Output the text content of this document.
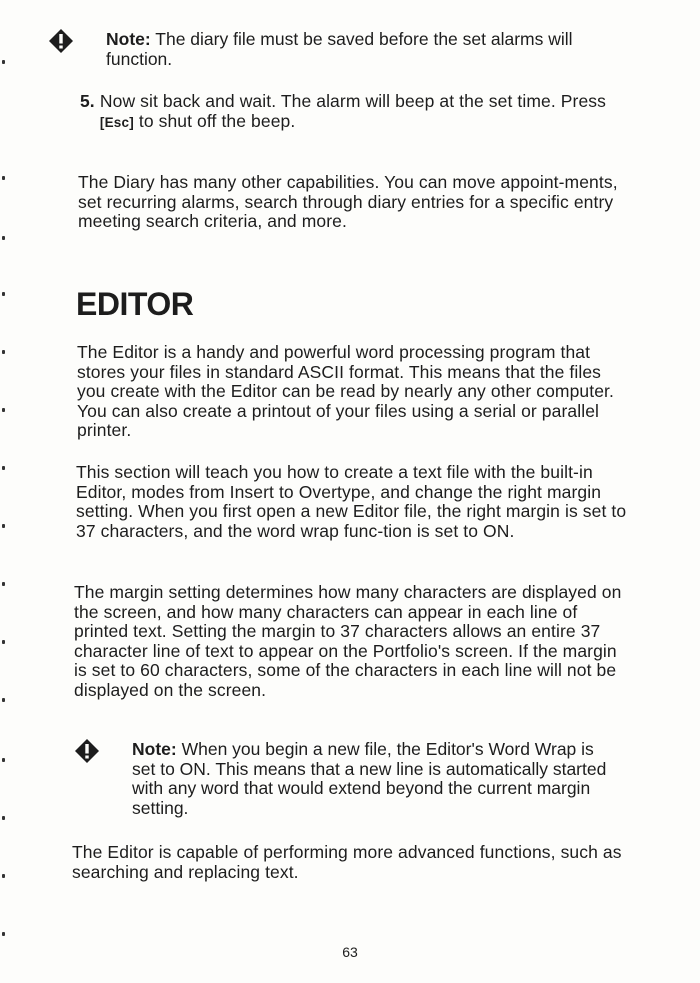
Note: The diary file must be saved before the set alarms will function.

5. Now sit back and wait. The alarm will beep at the set time. Press [Esc] to shut off the beep.

The Diary has many other capabilities. You can move appoint-ments, set recurring alarms, search through diary entries for a specific entry meeting search criteria, and more.

EDITOR

The Editor is a handy and powerful word processing program that stores your files in standard ASCII format. This means that the files you create with the Editor can be read by nearly any other computer. You can also create a printout of your files using a serial or parallel printer.

This section will teach you how to create a text file with the built-in Editor, modes from Insert to Overtype, and change the right margin setting. When you first open a new Editor file, the right margin is set to 37 characters, and the word wrap func-tion is set to ON.

The margin setting determines how many characters are displayed on the screen, and how many characters can appear in each line of printed text. Setting the margin to 37 characters allows an entire 37 character line of text to appear on the Portfolio's screen. If the margin is set to 60 characters, some of the characters in each line will not be displayed on the screen.

Note: When you begin a new file, the Editor's Word Wrap is set to ON. This means that a new line is automatically started with any word that would extend beyond the current margin setting.

The Editor is capable of performing more advanced functions, such as searching and replacing text.

63
